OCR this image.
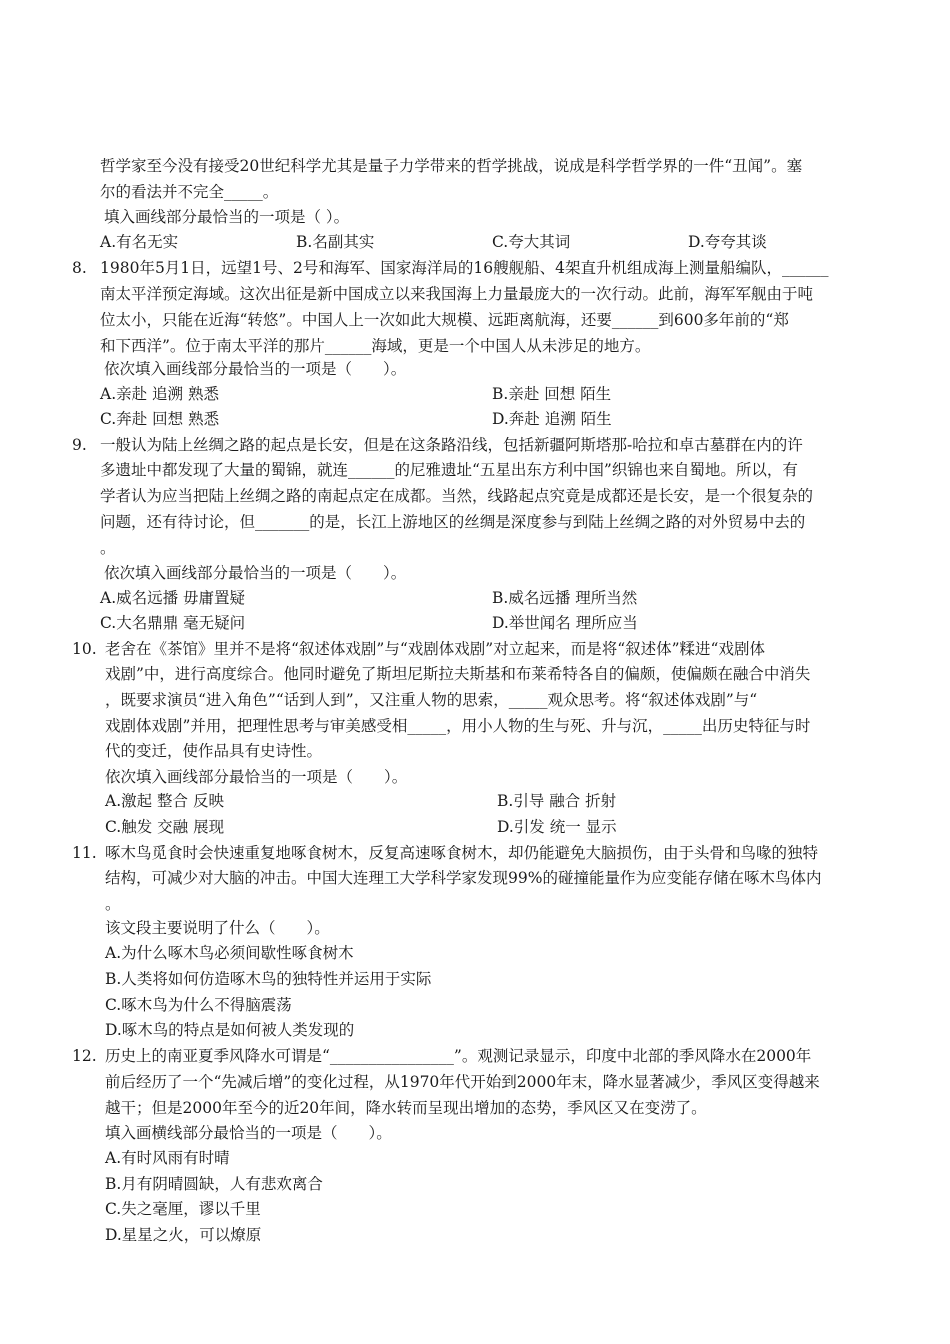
哲学家至今没有接受20世纪科学尤其是量子力学带来的哲学挑战，说成是科学哲学界的一件“丑闻”。塞
尔的看法并不完全_____。
填入画线部分最恰当的一项是（ ）。
A.有名无实	B.名副其实	C.夸大其词	D.夸夸其谈
8. 1980年5月1日，远望1号、2号和海军、国家海洋局的16艘舰船、4架直升机组成海上测量船编队，______
南太平洋预定海域。这次出征是新中国成立以来我国海上力量最庞大的一次行动。此前，海军军舰由于吨
位太小，只能在近海“转悠”。中国人上一次如此大规模、远距离航海，还要______到600多年前的“郑
和下西洋”。位于南太平洋的那片______海域，更是一个中国人从未涉足的地方。
依次填入画线部分最恰当的一项是（　　）。
A.亲赴 追溯 熟悉	B.亲赴 回想 陌生
C.奔赴 回想 熟悉	D.奔赴 追溯 陌生
9. 一般认为陆上丝绸之路的起点是长安，但是在这条路沿线，包括新疆阿斯塔那-哈拉和卓古墓群在内的许
多遗址中都发现了大量的蜀锦，就连______的尼雅遗址“五星出东方利中国”织锦也来自蜀地。所以，有
学者认为应当把陆上丝绸之路的南起点定在成都。当然，线路起点究竟是成都还是长安，是一个很复杂的
问题，还有待讨论，但_______的是，长江上游地区的丝绸是深度参与到陆上丝绸之路的对外贸易中去的
。
依次填入画线部分最恰当的一项是（　　）。
A.威名远播 毋庸置疑	B.威名远播 理所当然
C.大名鼎鼎 毫无疑问	D.举世闻名 理所应当
10. 老舍在《茶馆》里并不是将“叙述体戏剧”与“戏剧体戏剧”对立起来，而是将“叙述体”糅进“戏剧体
戏剧”中，进行高度综合。他同时避免了斯坦尼斯拉夫斯基和布莱希特各自的偏颇，使偏颇在融合中消失
，既要求演员“进入角色”“话到人到”，又注重人物的思索，_____观众思考。将“叙述体戏剧”与“
戏剧体戏剧”并用，把理性思考与审美感受相_____，用小人物的生与死、升与沉，_____出历史特征与时
代的变迁，使作品具有史诗性。
依次填入画线部分最恰当的一项是（　　）。
A.激起 整合 反映	B.引导 融合 折射
C.触发 交融 展现	D.引发 统一 显示
11. 啄木鸟觅食时会快速重复地啄食树木，反复高速啄食树木，却仍能避免大脑损伤，由于头骨和鸟喙的独特
结构，可减少对大脑的冲击。中国大连理工大学科学家发现99%的碰撞能量作为应变能存储在啄木鸟体内
。
该文段主要说明了什么（　　）。
A.为什么啄木鸟必须间歇性啄食树木
B.人类将如何仿造啄木鸟的独特性并运用于实际
C.啄木鸟为什么不得脑震荡
D.啄木鸟的特点是如何被人类发现的
12. 历史上的南亚夏季风降水可谓是“________________”。观测记录显示，印度中北部的季风降水在2000年
前后经历了一个“先减后增”的变化过程，从1970年代开始到2000年末，降水显著减少，季风区变得越来
越干；但是2000年至今的近20年间，降水转而呈现出增加的态势，季风区又在变涝了。
填入画横线部分最恰当的一项是（　　）。
A.有时风雨有时晴
B.月有阴晴圆缺，人有悲欢离合
C.失之毫厘，谬以千里
D.星星之火，可以燎原
